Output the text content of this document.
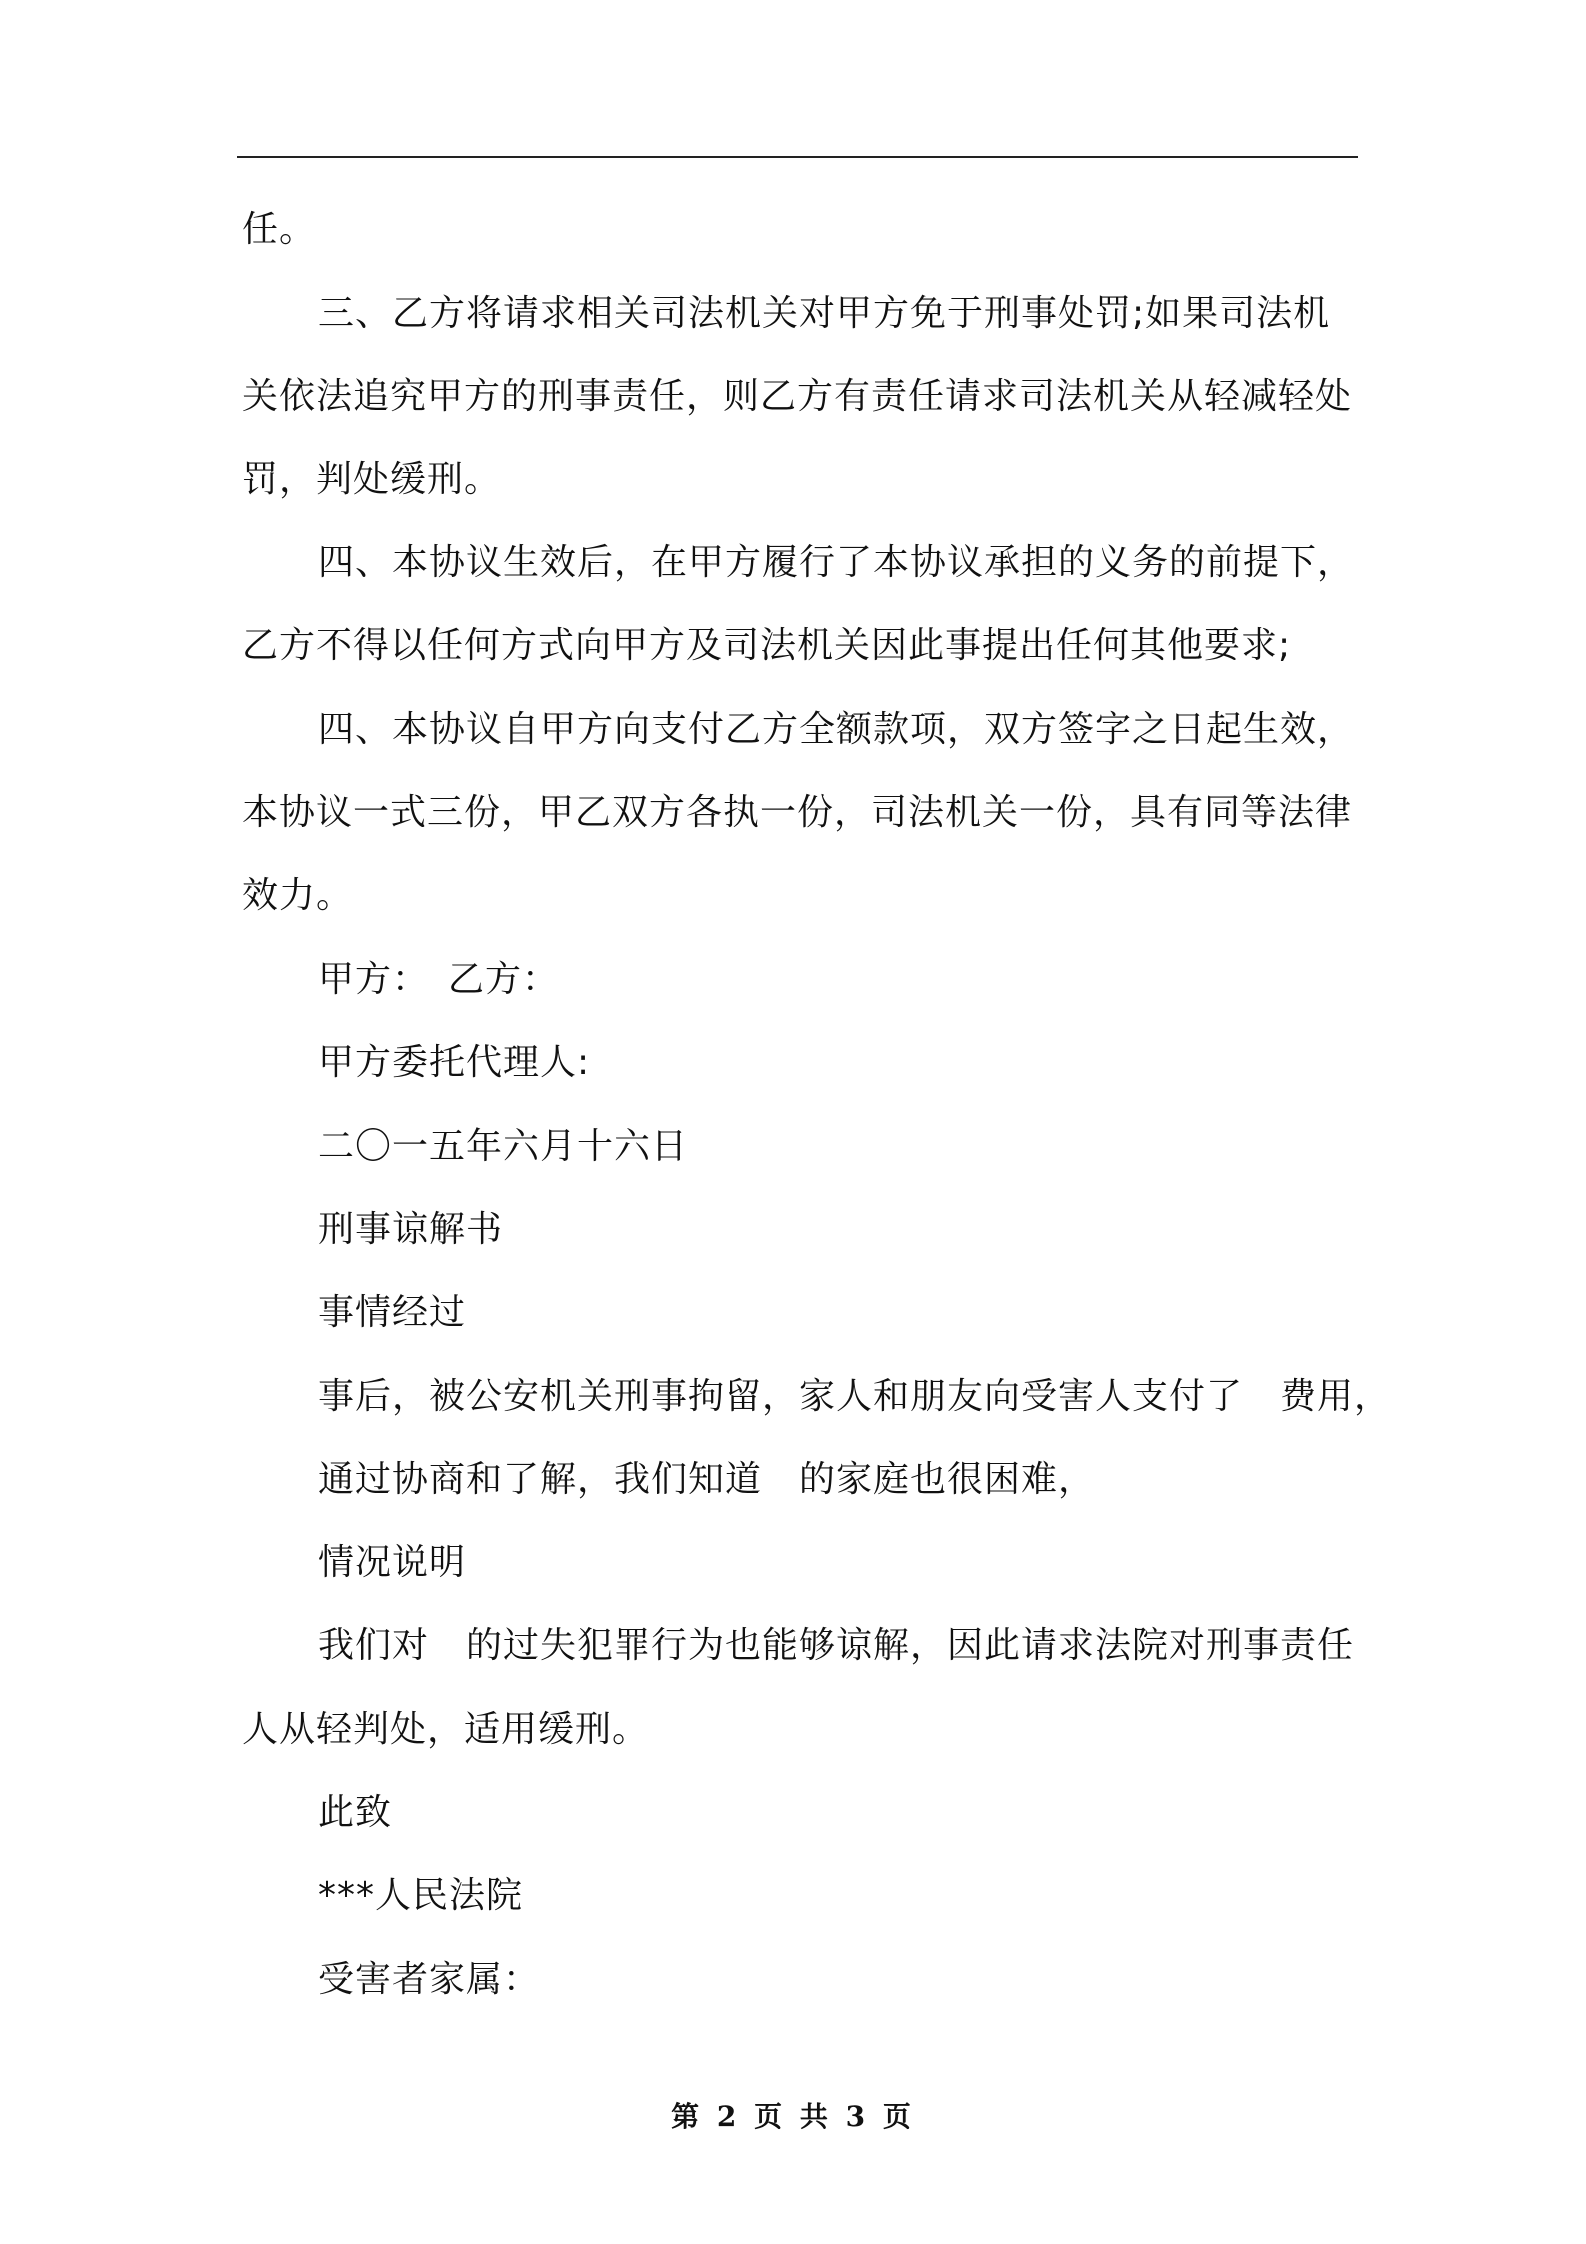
任。
三、乙方将请求相关司法机关对甲方免于刑事处罚;如果司法机
关依法追究甲方的刑事责任，则乙方有责任请求司法机关从轻减轻处
罚，判处缓刑。
四、本协议生效后，在甲方履行了本协议承担的义务的前提下，
乙方不得以任何方式向甲方及司法机关因此事提出任何其他要求;
四、本协议自甲方向支付乙方全额款项，双方签字之日起生效，
本协议一式三份，甲乙双方各执一份，司法机关一份，具有同等法律
效力。
甲方：　乙方：
甲方委托代理人:
二〇一五年六月十六日
刑事谅解书
事情经过
事后，被公安机关刑事拘留，家人和朋友向受害人支付了　费用，
通过协商和了解，我们知道　的家庭也很困难，
情况说明
我们对　的过失犯罪行为也能够谅解，因此请求法院对刑事责任
人从轻判处，适用缓刑。
此致
***人民法院
受害者家属：
第 2 页 共 3 页
